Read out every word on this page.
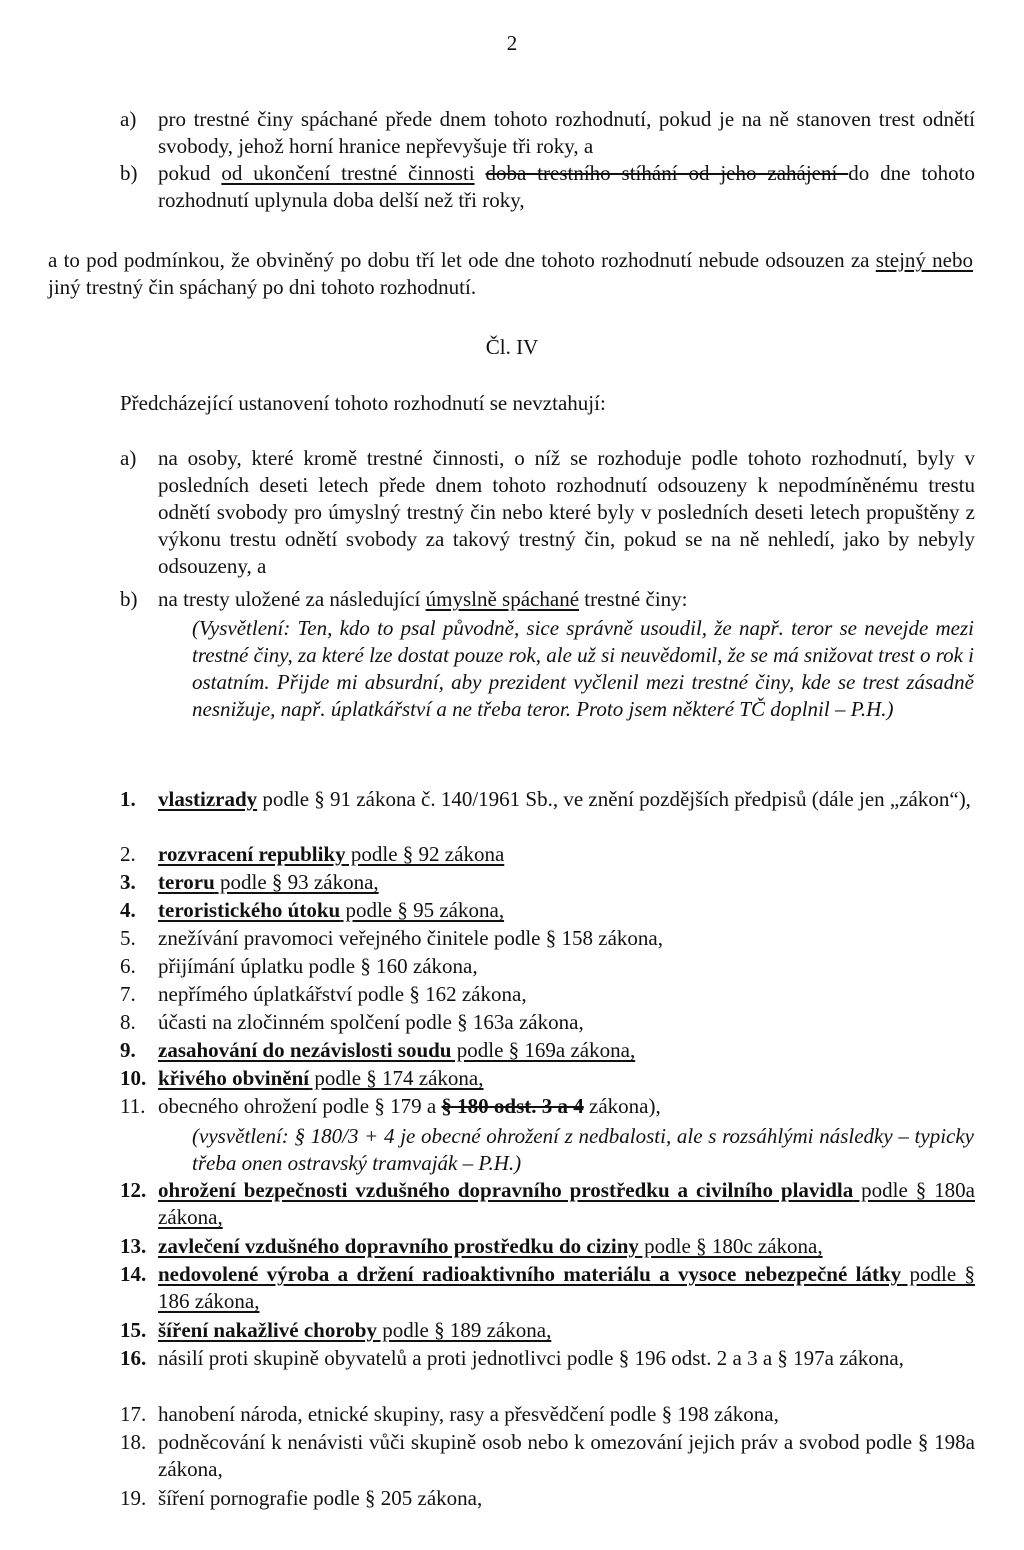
2
a) pro trestné činy spáchané přede dnem tohoto rozhodnutí, pokud je na ně stanoven trest odnětí svobody, jehož horní hranice nepřevyšuje tři roky, a
b) pokud od ukončení trestné činnosti doba trestního stíhání od jeho zahájení do dne tohoto rozhodnutí uplynula doba delší než tři roky,
a to pod podmínkou, že obviněný po dobu tří let ode dne tohoto rozhodnutí nebude odsouzen za stejný nebo jiný trestný čin spáchaný po dni tohoto rozhodnutí.
Čl. IV
Předcházející ustanovení tohoto rozhodnutí se nevztahují:
a) na osoby, které kromě trestné činnosti, o níž se rozhoduje podle tohoto rozhodnutí, byly v posledních deseti letech přede dnem tohoto rozhodnutí odsouzeny k nepodmíněnému trestu odnětí svobody pro úmyslný trestný čin nebo které byly v posledních deseti letech propuštěny z výkonu trestu odnětí svobody za takový trestný čin, pokud se na ně nehledí, jako by nebyly odsouzeny, a
b) na tresty uložené za následující úmyslně spáchané trestné činy:
(Vysvětlení: Ten, kdo to psal původně, sice správně usoudil, že např. teror se nevejde mezi trestné činy, za které lze dostat pouze rok, ale už si neuvědomil, že se má snižovat trest o rok i ostatním. Přijde mi absurdní, aby prezident vyčlenil mezi trestné činy, kde se trest zásadně nesnižuje, např. úplatkářství a ne třeba teror. Proto jsem některé TČ doplnil – P.H.)
1. vlastizrady podle § 91 zákona č. 140/1961 Sb., ve znění pozdějších předpisů (dále jen „zákon“),
2. rozvracení republiky podle § 92 zákona
3. teroru podle § 93 zákona,
4. teroristického útoku podle § 95 zákona,
5. znežívání pravomoci veřejného činitele podle § 158 zákona,
6. přijímání úplatku podle § 160 zákona,
7. nepřímého úplatkářství podle § 162 zákona,
8. účasti na zločinném spolčení podle § 163a zákona,
9. zasahování do nezávislosti soudu podle § 169a zákona,
10. křivého obvinění podle § 174 zákona,
11. obecného ohrožení podle § 179 a § 180 odst. 3 a 4 zákona),
(vysvětlení: § 180/3 + 4 je obecné ohrožení z nedbalosti, ale s rozsáhlými následky – typicky třeba onen ostravský tramvaják – P.H.)
12. ohrožení bezpečnosti vzdušného dopravního prostředku a civilního plavidla podle § 180a zákona,
13. zavlečení vzdušného dopravního prostředku do ciziny podle § 180c zákona,
14. nedovolené výroba a držení radioaktivního materiálu a vysoce nebezpečné látky podle § 186 zákona,
15. šíření nakažlivé choroby podle § 189 zákona,
16. násilí proti skupině obyvatelů a proti jednotlivci podle § 196 odst. 2 a 3 a § 197a zákona,
17. hanobení národa, etnické skupiny, rasy a přesvědčení podle § 198 zákona,
18. podněcování k nenávisti vůči skupině osob nebo k omezování jejich práv a svobod podle § 198a zákona,
19. šíření pornografie podle § 205 zákona,
